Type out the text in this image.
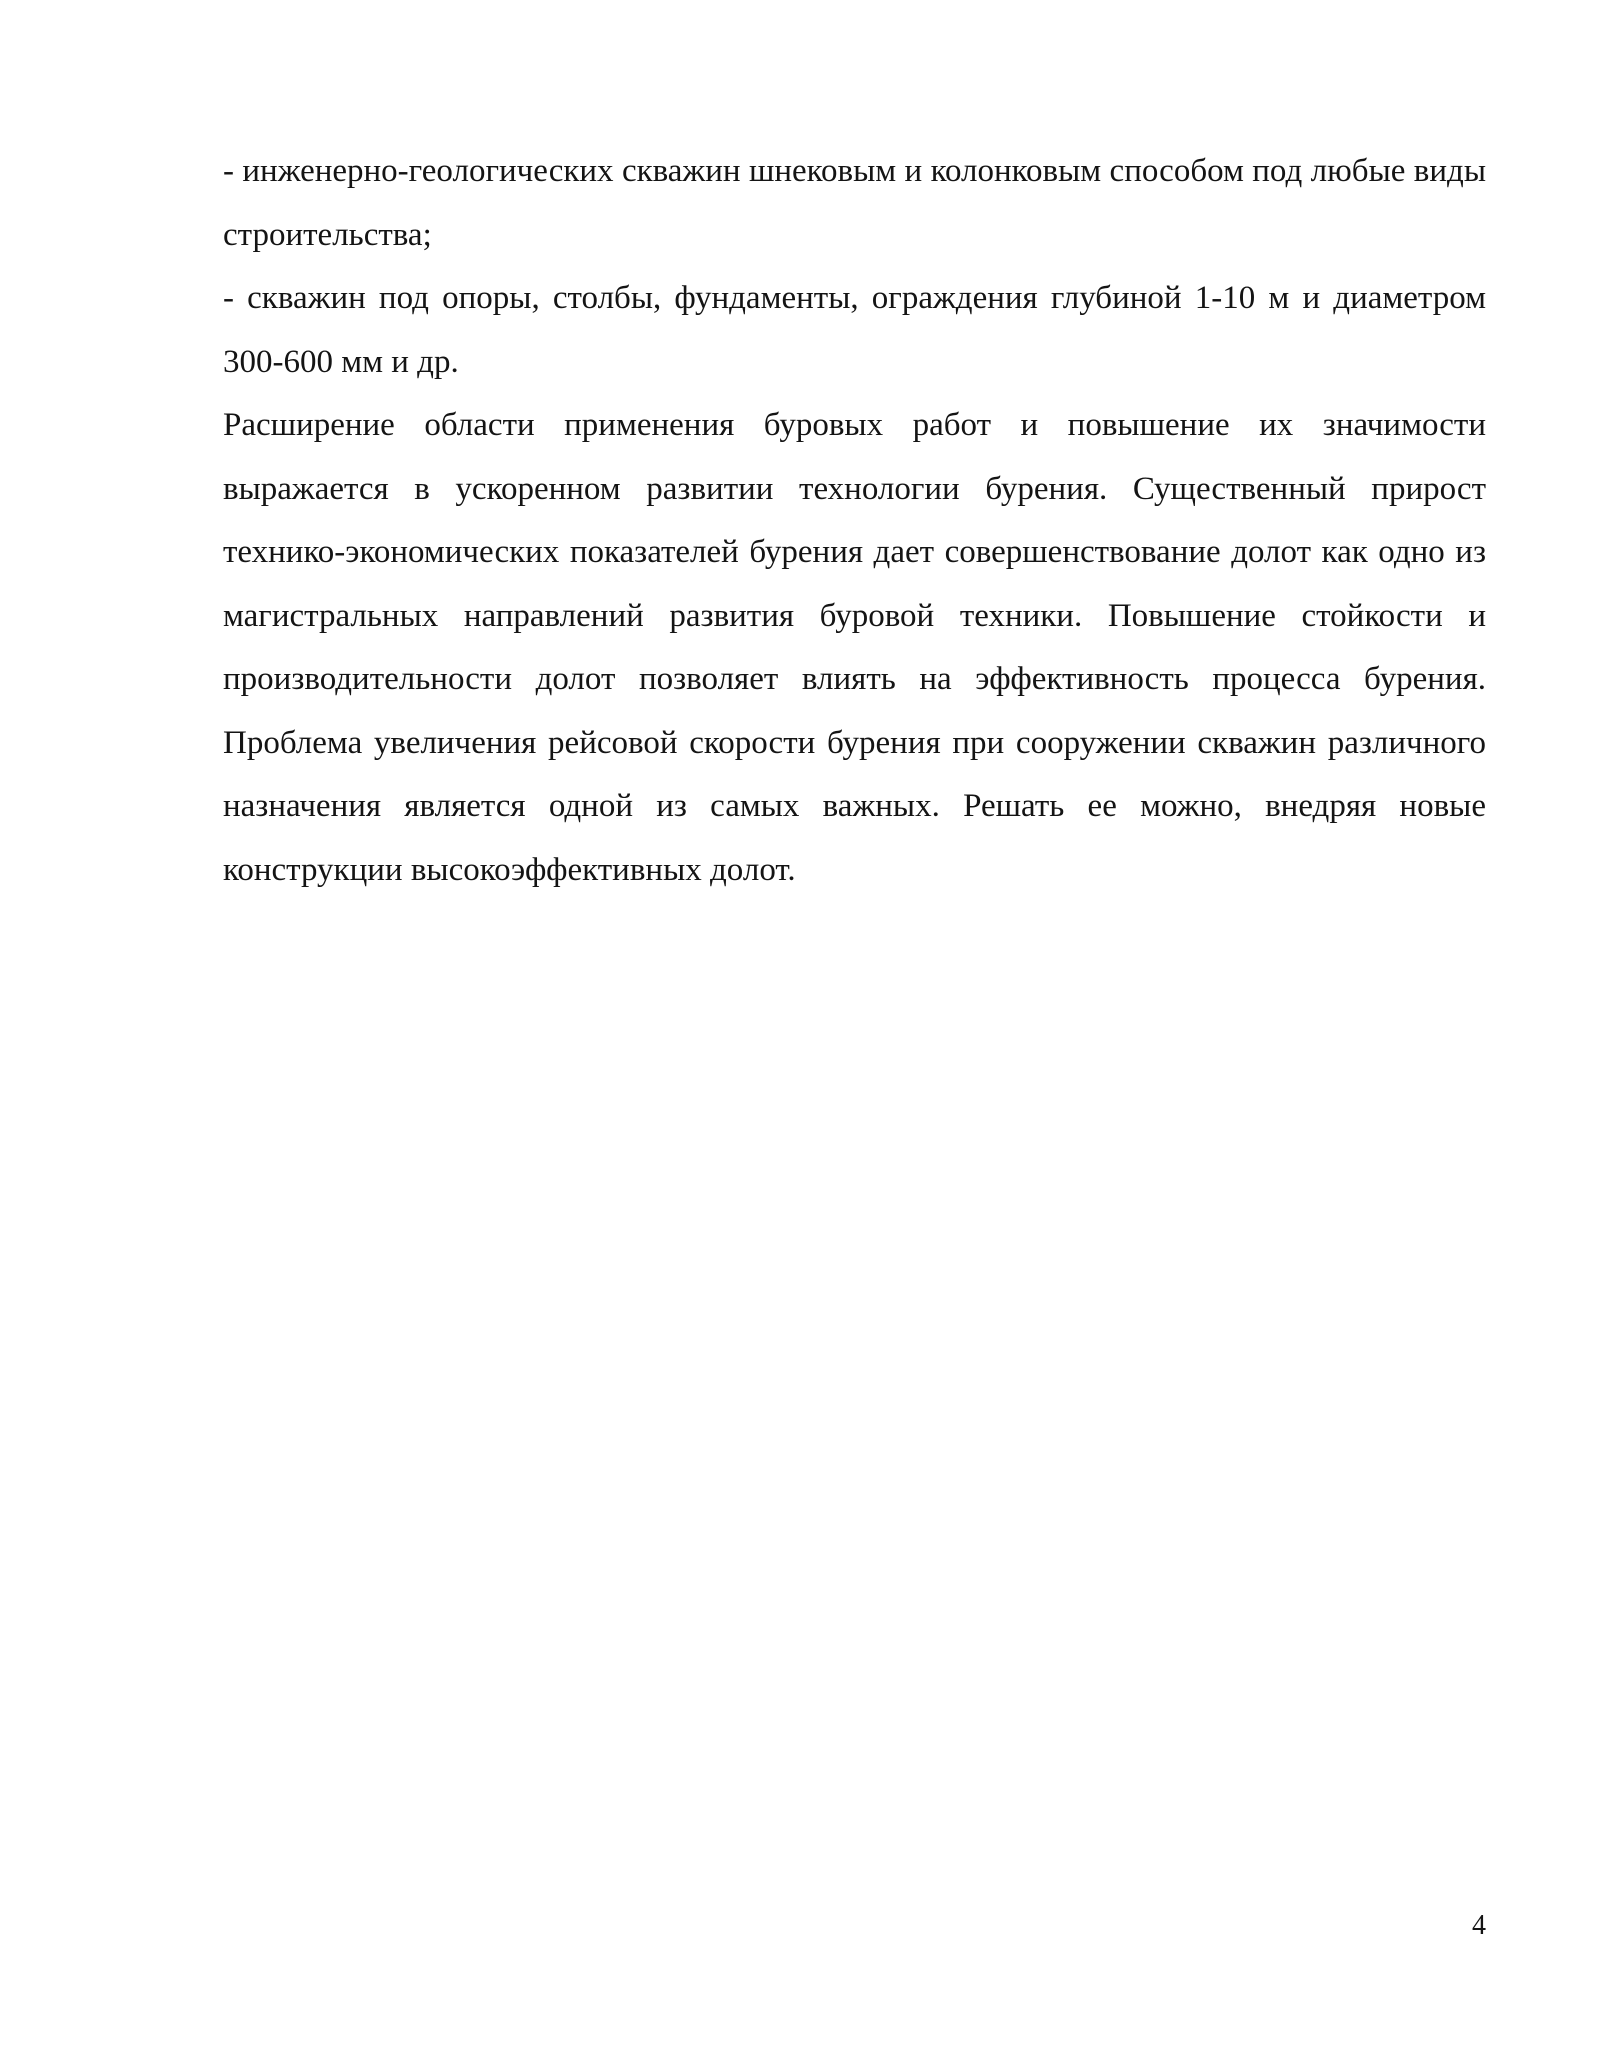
- инженерно-геологических скважин шнековым и колонковым способом под любые виды строительства;

- скважин под опоры, столбы, фундаменты, ограждения глубиной 1-10 м и диаметром 300-600 мм и др.

Расширение области применения буровых работ и повышение их значимости выражается в ускоренном развитии технологии бурения. Существенный прирост технико-экономических показателей бурения дает совершенствование долот как одно из магистральных направлений развития буровой техники. Повышение стойкости и производительности долот позволяет влиять на эффективность процесса бурения. Проблема увеличения рейсовой скорости бурения при сооружении скважин различного назначения является одной из самых важных. Решать ее можно, внедряя новые конструкции высокоэффективных долот.

4
